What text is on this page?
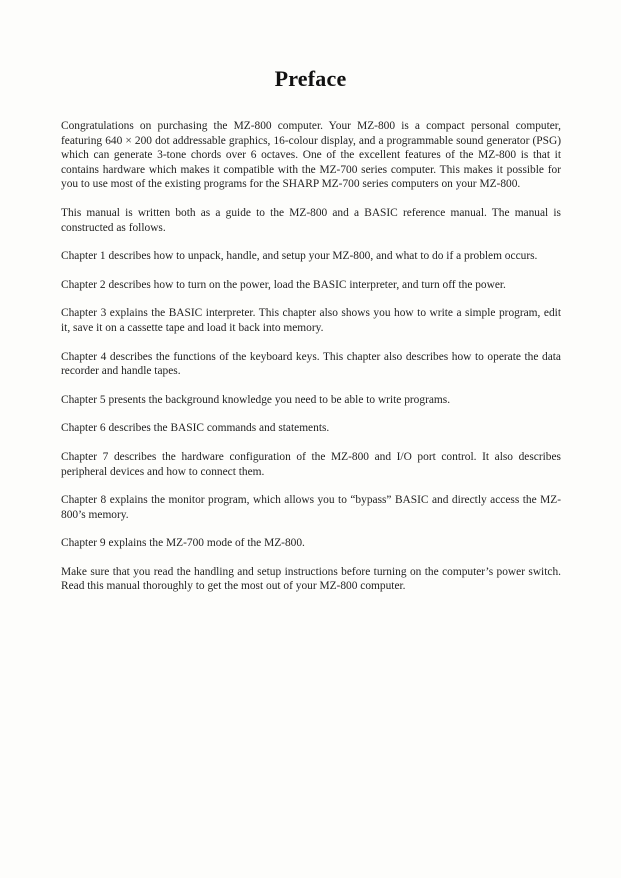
Preface

Congratulations on purchasing the MZ-800 computer. Your MZ-800 is a compact personal computer, featuring 640 × 200 dot addressable graphics, 16-colour display, and a programmable sound generator (PSG) which can generate 3-tone chords over 6 octaves. One of the excellent features of the MZ-800 is that it contains hardware which makes it compatible with the MZ-700 series computer. This makes it possible for you to use most of the existing programs for the SHARP MZ-700 series computers on your MZ-800.

This manual is written both as a guide to the MZ-800 and a BASIC reference manual. The manual is constructed as follows.

Chapter 1 describes how to unpack, handle, and setup your MZ-800, and what to do if a problem occurs.

Chapter 2 describes how to turn on the power, load the BASIC interpreter, and turn off the power.

Chapter 3 explains the BASIC interpreter. This chapter also shows you how to write a simple program, edit it, save it on a cassette tape and load it back into memory.

Chapter 4 describes the functions of the keyboard keys. This chapter also describes how to operate the data recorder and handle tapes.

Chapter 5 presents the background knowledge you need to be able to write programs.

Chapter 6 describes the BASIC commands and statements.

Chapter 7 describes the hardware configuration of the MZ-800 and I/O port control. It also describes peripheral devices and how to connect them.

Chapter 8 explains the monitor program, which allows you to “bypass” BASIC and directly access the MZ-800’s memory.

Chapter 9 explains the MZ-700 mode of the MZ-800.

Make sure that you read the handling and setup instructions before turning on the computer’s power switch. Read this manual thoroughly to get the most out of your MZ-800 computer.
